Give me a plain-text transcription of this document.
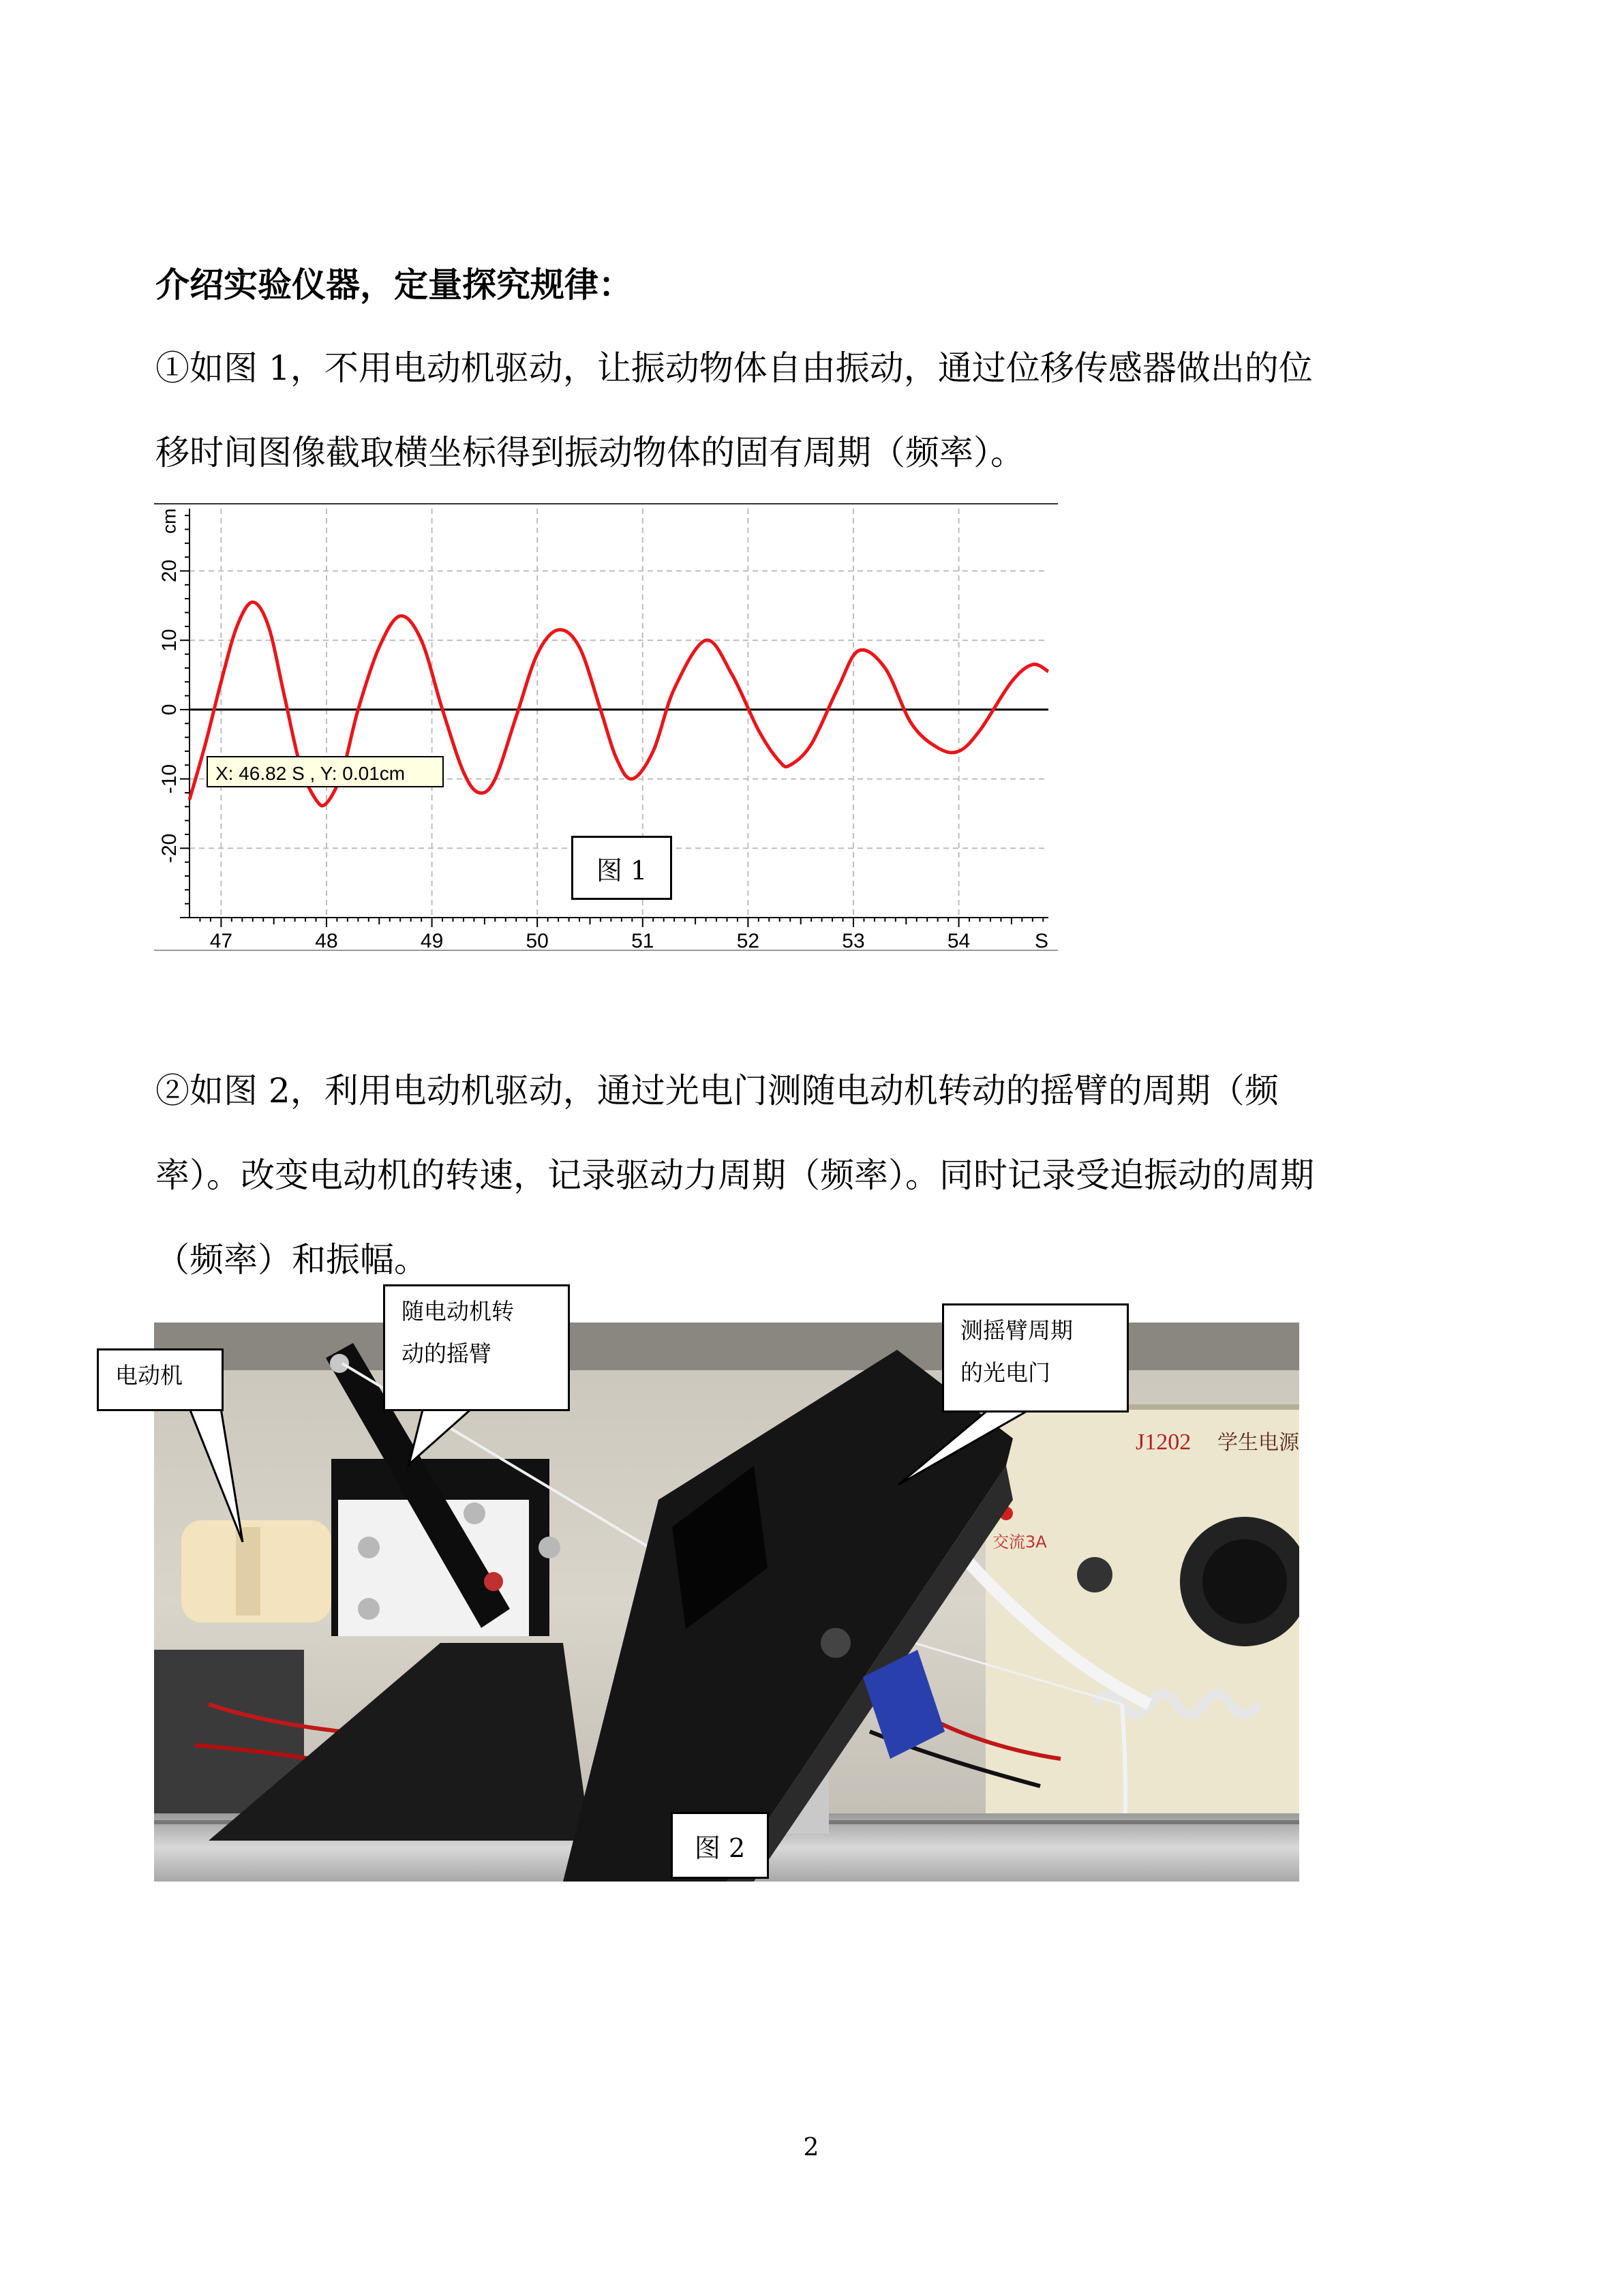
介绍实验仪器，定量探究规律：
①如图 1，不用电动机驱动，让振动物体自由振动，通过位移传感器做出的位
移时间图像截取横坐标得到振动物体的固有周期（频率）。
20
10
0
-10
-20
47	48	49	50	51	52	53	54	S
cm
X: 46.82 S , Y: 0.01cm
图 1
②如图 2，利用电动机驱动，通过光电门测随电动机转动的摇臂的周期（频
率）。改变电动机的转速，记录驱动力周期（频率）。同时记录受迫振动的周期
（频率）和振幅。
J1202 学生电源
交流3A
电动机
随电动机转
动的摇臂
测摇臂周期
的光电门
图 2
2
